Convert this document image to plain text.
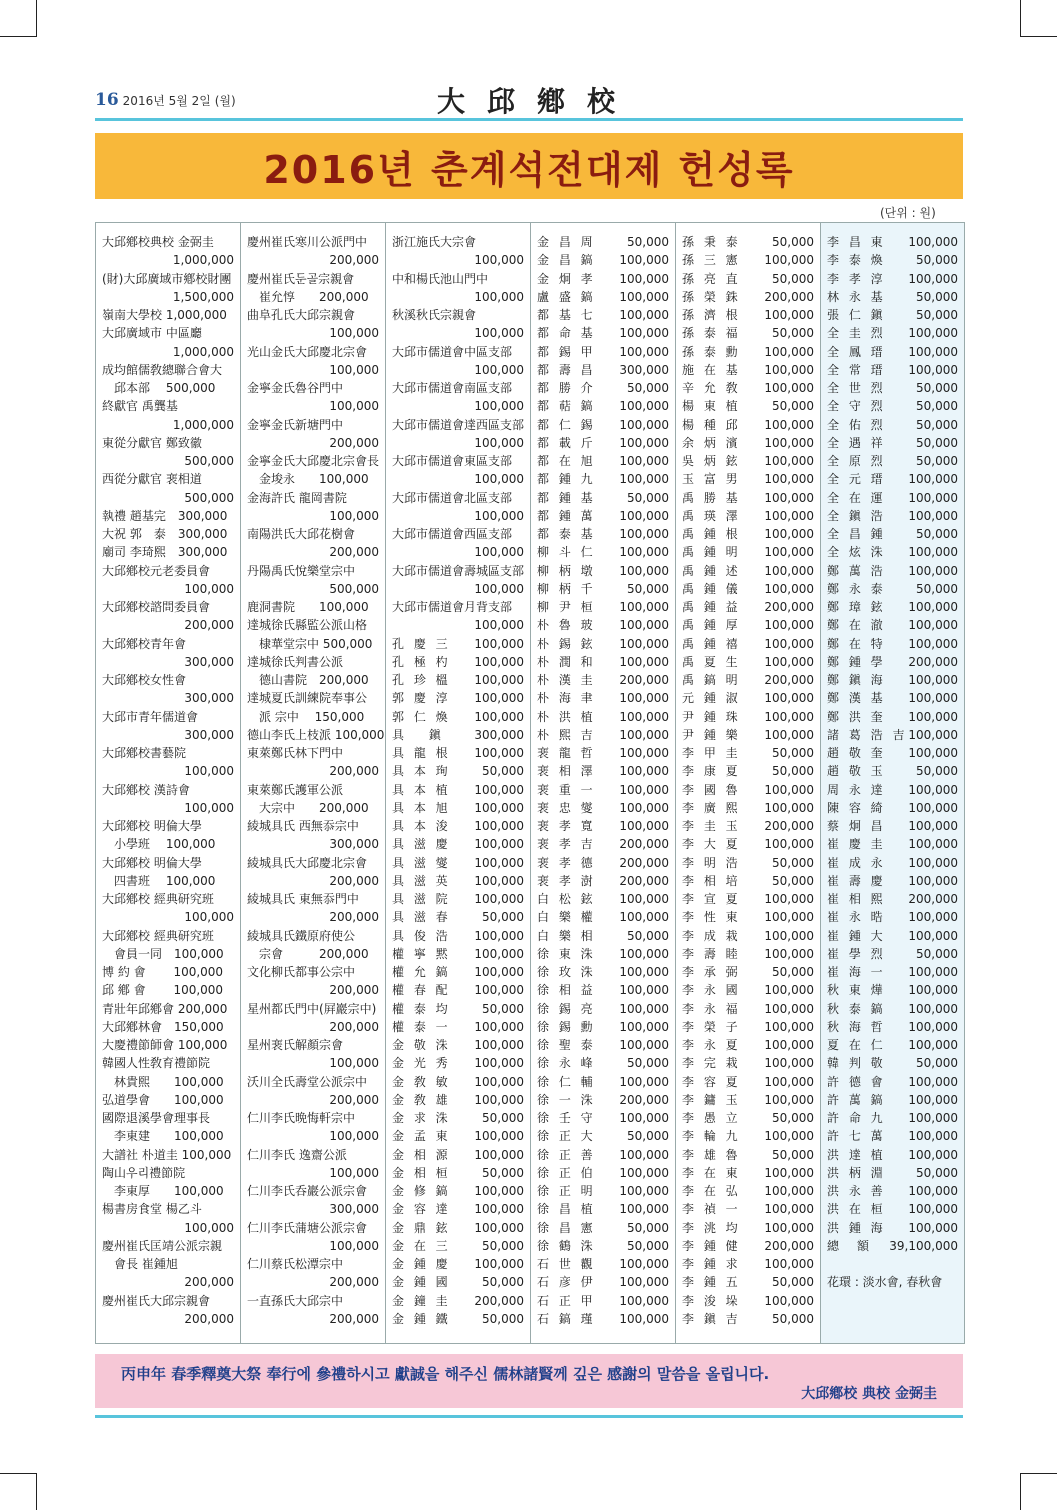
16 2016년 5월 2일 (월)	大邱鄕校
2016년 춘계석전대제 헌성록
(단위 : 원)
大邱鄕校典校 金弼圭
1,000,000
(財)大邱廣域市鄕校財團
1,500,000
嶺南大學校 1,000,000
大邱廣域市 中區廳
1,000,000
成均館儒敎總聯合會大
　邱本部　 500,000
終獻官 禹龔基
1,000,000
東從分獻官 鄭致徽
500,000
西從分獻官 裵相道
500,000
執禮 趙基完　300,000
大祝 郭　泰　300,000
廟司 李琦熙　300,000
大邱鄕校元老委員會
100,000
大邱鄕校諮問委員會
200,000
大邱鄕校青年會
300,000
大邱鄕校女性會
300,000
大邱市青年儒道會
300,000
大邱鄕校書藝院
100,000
大邱鄕校 漢詩會
100,000
大邱鄕校 明倫大學
　小學班　 100,000
大邱鄕校 明倫大學
　四書班　 100,000
大邱鄕校 經典研究班
100,000
大邱鄕校 經典研究班
　會員一同　100,000
博 約 會　　 100,000
邱 鄕 會　　 100,000
青壯年邱鄕會 200,000
大邱鄕林會　150,000
大慶禮節師會 100,000
韓國人性敎育禮節院
　林貴熙　　100,000
弘道學會　　100,000
國際退溪學會理事長
　李東建　　100,000
大譜社 朴道圭 100,000
陶山우리禮節院
　李東厚　　100,000
楊書房食堂 楊乙斗
100,000
慶州崔氏匡靖公派宗親
　會長 崔鍾旭
200,000
慶州崔氏大邱宗親會
200,000
慶州崔氏寒川公派門中
200,000
慶州崔氏둔골宗親會
　崔允惇　　200,000
曲阜孔氏大邱宗親會
100,000
光山金氏大邱慶北宗會
100,000
金寧金氏魯谷門中
100,000
金寧金氏新塘門中
200,000
金寧金氏大邱慶北宗會長
　金埈永　　100,000
金海許氏 龍岡書院
100,000
南陽洪氏大邱花樹會
200,000
丹陽禹氏悅樂堂宗中
500,000
鹿洞書院　　100,000
達城徐氏縣監公派山格
　棣華堂宗中 500,000
達城徐氏判書公派
　德山書院　200,000
達城夏氏訓練院奉事公
　派 宗中　 150,000
德山李氏上枝派 100,000
東萊鄭氏林下門中
200,000
東萊鄭氏護軍公派
　大宗中　　200,000
綾城具氏 西無忝宗中
300,000
綾城具氏大邱慶北宗會
200,000
綾城具氏 東無忝門中
200,000
綾城具氏鐵原府使公
　宗會　　　200,000
文化柳氏都事公宗中
200,000
星州都氏門中(屛巖宗中)
200,000
星州裵氏解顏宗會
100,000
沃川全氏壽堂公派宗中
200,000
仁川李氏晩悔軒宗中
100,000
仁川李氏 逸齋公派
100,000
仁川李氏呑巖公派宗會
300,000
仁川李氏蒲塘公派宗會
100,000
仁川蔡氏松潭宗中
200,000
一直孫氏大邱宗中
200,000
浙江施氏大宗會
100,000
中和楊氏池山門中
100,000
秋溪秋氏宗親會
100,000
大邱市儒道會中區支部
100,000
大邱市儒道會南區支部
100,000
大邱市儒道會達西區支部
100,000
大邱市儒道會東區支部
100,000
大邱市儒道會北區支部
100,000
大邱市儒道會西區支部
100,000
大邱市儒道會壽城區支部
100,000
大邱市儒道會月背支部
100,000
孔 慶 三 100,000
孔 極 杓 100,000
孔 珍 榲 100,000
郭 慶 淳 100,000
郭 仁 煥 100,000
具　 鎭	300,000
具 龍 根 100,000
具 本 珣	50,000
具 本 植 100,000
具 本 旭 100,000
具 本 浚 100,000
具 滋 慶 100,000
具 滋 燮 100,000
具 滋 英 100,000
具 滋 院 100,000
具 滋 春	50,000
具 俊 浩 100,000
權 寧 黙 100,000
權 允 鎬 100,000
權 春 配 100,000
權 泰 均	50,000
權 泰 一 100,000
金 敬 洙 100,000
金 光 秀 100,000
金 敎 敏 100,000
金 敎 雄 100,000
金 求 洙	50,000
金 孟 東 100,000
金 相 源 100,000
金 相 桓	50,000
金 修 鎬 100,000
金 容 達 100,000
金 鼎 鉉 100,000
金 在 三	50,000
金 鍾 慶 100,000
金 鍾 國	50,000
金 鐘 圭 200,000
金 鍾 鐵	50,000
金 昌 周	50,000
金 昌 鎬 100,000
金 炯 孝 100,000
盧 盛 鎬 100,000
都 基 七 100,000
都 命 基 100,000
都 錫 甲 100,000
都 壽 昌 300,000
都 勝 介	50,000
都 萜 鎬 100,000
都 仁 錫 100,000
都 載 斤 100,000
都 在 旭 100,000
都 鍾 九 100,000
都 鍾 基	50,000
都 鍾 萬 100,000
都 泰 基 100,000
柳 斗 仁 100,000
柳 柄 墩 100,000
柳 柄 千	50,000
柳 尹 桓 100,000
朴 魯 玻 100,000
朴 錫 鉉 100,000
朴 潤 和 100,000
朴 漢 圭 200,000
朴 海 聿 100,000
朴 洪 植 100,000
朴 熙 吉 100,000
裵 龍 哲 100,000
裵 相 澤 100,000
裵 重 一 100,000
裵 忠 燮 100,000
裵 孝 寬 100,000
裵 孝 吉 200,000
裵 孝 德 200,000
裵 孝 澍 200,000
白 松 鉉 100,000
白 樂 權 100,000
白 樂 相	50,000
徐 東 洙 100,000
徐 玫 洙 100,000
徐 相 益 100,000
徐 錫 亮 100,000
徐 錫 勳 100,000
徐 聖 泰 100,000
徐 永 峰	50,000
徐 仁 輔 100,000
徐 一 洙 200,000
徐 壬 守 100,000
徐 正 大	50,000
徐 正 善 100,000
徐 正 伯 100,000
徐 正 明 100,000
徐 昌 植 100,000
徐 昌 憲	50,000
徐 鶴 洙	50,000
石 世 觀 100,000
石 彦 伊 100,000
石 正 甲 100,000
石 鎬 瑾 100,000
孫 秉 泰	50,000
孫 三 憲 100,000
孫 亮 直	50,000
孫 榮 銖 200,000
孫 濟 根 100,000
孫 泰 福	50,000
孫 泰 勳 100,000
施 在 基 100,000
辛 允 敎 100,000
楊 東 植	50,000
楊 種 邱 100,000
余 炳 濱 100,000
吳 炳 鉉 100,000
玉 富 男 100,000
禹 勝 基 100,000
禹 瑛 澤 100,000
禹 鍾 根 100,000
禹 鍾 明 100,000
禹 鍾 述 100,000
禹 鍾 儀 100,000
禹 鍾 益 200,000
禹 鍾 厚 100,000
禹 鍾 禧 100,000
禹 夏 生 100,000
禹 鎬 明 200,000
元 鍾 淑 100,000
尹 鍾 珠 100,000
尹 鍾 樂 100,000
李 甲 圭	50,000
李 康 夏	50,000
李 國 魯 100,000
李 廣 熙 100,000
李 圭 玉 200,000
李 大 夏 100,000
李 明 浩	50,000
李 相 培	50,000
李 宣 夏 100,000
李 性 東 100,000
李 成 栽 100,000
李 壽 睦 100,000
李 承 弼	50,000
李 永 國 100,000
李 永 福 100,000
李 榮 子 100,000
李 永 夏 100,000
李 完 栽 100,000
李 容 夏 100,000
李 鏞 玉 100,000
李 愚 立	50,000
李 輪 九 100,000
李 雄 魯	50,000
李 在 東 100,000
李 在 弘 100,000
李 禎 一 100,000
李 洮 均 100,000
李 鍾 健 200,000
李 鍾 求 100,000
李 鍾 五	50,000
李 浚 垛 100,000
李 鎭 吉	50,000
李 昌 東 100,000
李 泰 煥	50,000
李 孝 淳 100,000
林 永 基	50,000
張 仁 鎭	50,000
全 圭 烈 100,000
全 鳳 瑨 100,000
全 常 瑨 100,000
全 世 烈	50,000
全 守 烈	50,000
全 佑 烈	50,000
全 遇 祥	50,000
全 原 烈	50,000
全 元 瑨 100,000
全 在 運 100,000
全 鎭 浩 100,000
全 昌 鍾	50,000
全 炫 洙 100,000
鄭 萬 浩 100,000
鄭 永 泰	50,000
鄭 璋 鉉 100,000
鄭 在 澈 100,000
鄭 在 特 100,000
鄭 鍾 學 200,000
鄭 鎭 海 100,000
鄭 漢 基 100,000
鄭 洪 奎 100,000
諸 葛 浩 吉 100,000
趙 敬 奎 100,000
趙 敬 玉	50,000
周 永 達 100,000
陳 容 綺 100,000
蔡 炯 昌 100,000
崔 慶 圭 100,000
崔 成 永 100,000
崔 壽 慶 100,000
崔 相 熙 200,000
崔 永 晧 100,000
崔 鍾 大 100,000
崔 學 烈	50,000
崔 海 一 100,000
秋 東 燁 100,000
秋 泰 鎬 100,000
秋 海 哲 100,000
夏 在 仁 100,000
韓 判 敬	50,000
許 德 會 100,000
許 萬 鎬 100,000
許 命 九 100,000
許 七 萬 100,000
洪 達 植 100,000
洪 柄 淵	50,000
洪 永 善 100,000
洪 在 桓 100,000
洪 鍾 海 100,000
總　額 39,100,000
花環 : 淡水會, 春秋會
丙申年 春季釋奠大祭 奉行에 參禮하시고 獻誠을 해주신 儒林諸賢께 깊은 感謝의 말씀을 올립니다.
大邱鄕校 典校 金弼圭
